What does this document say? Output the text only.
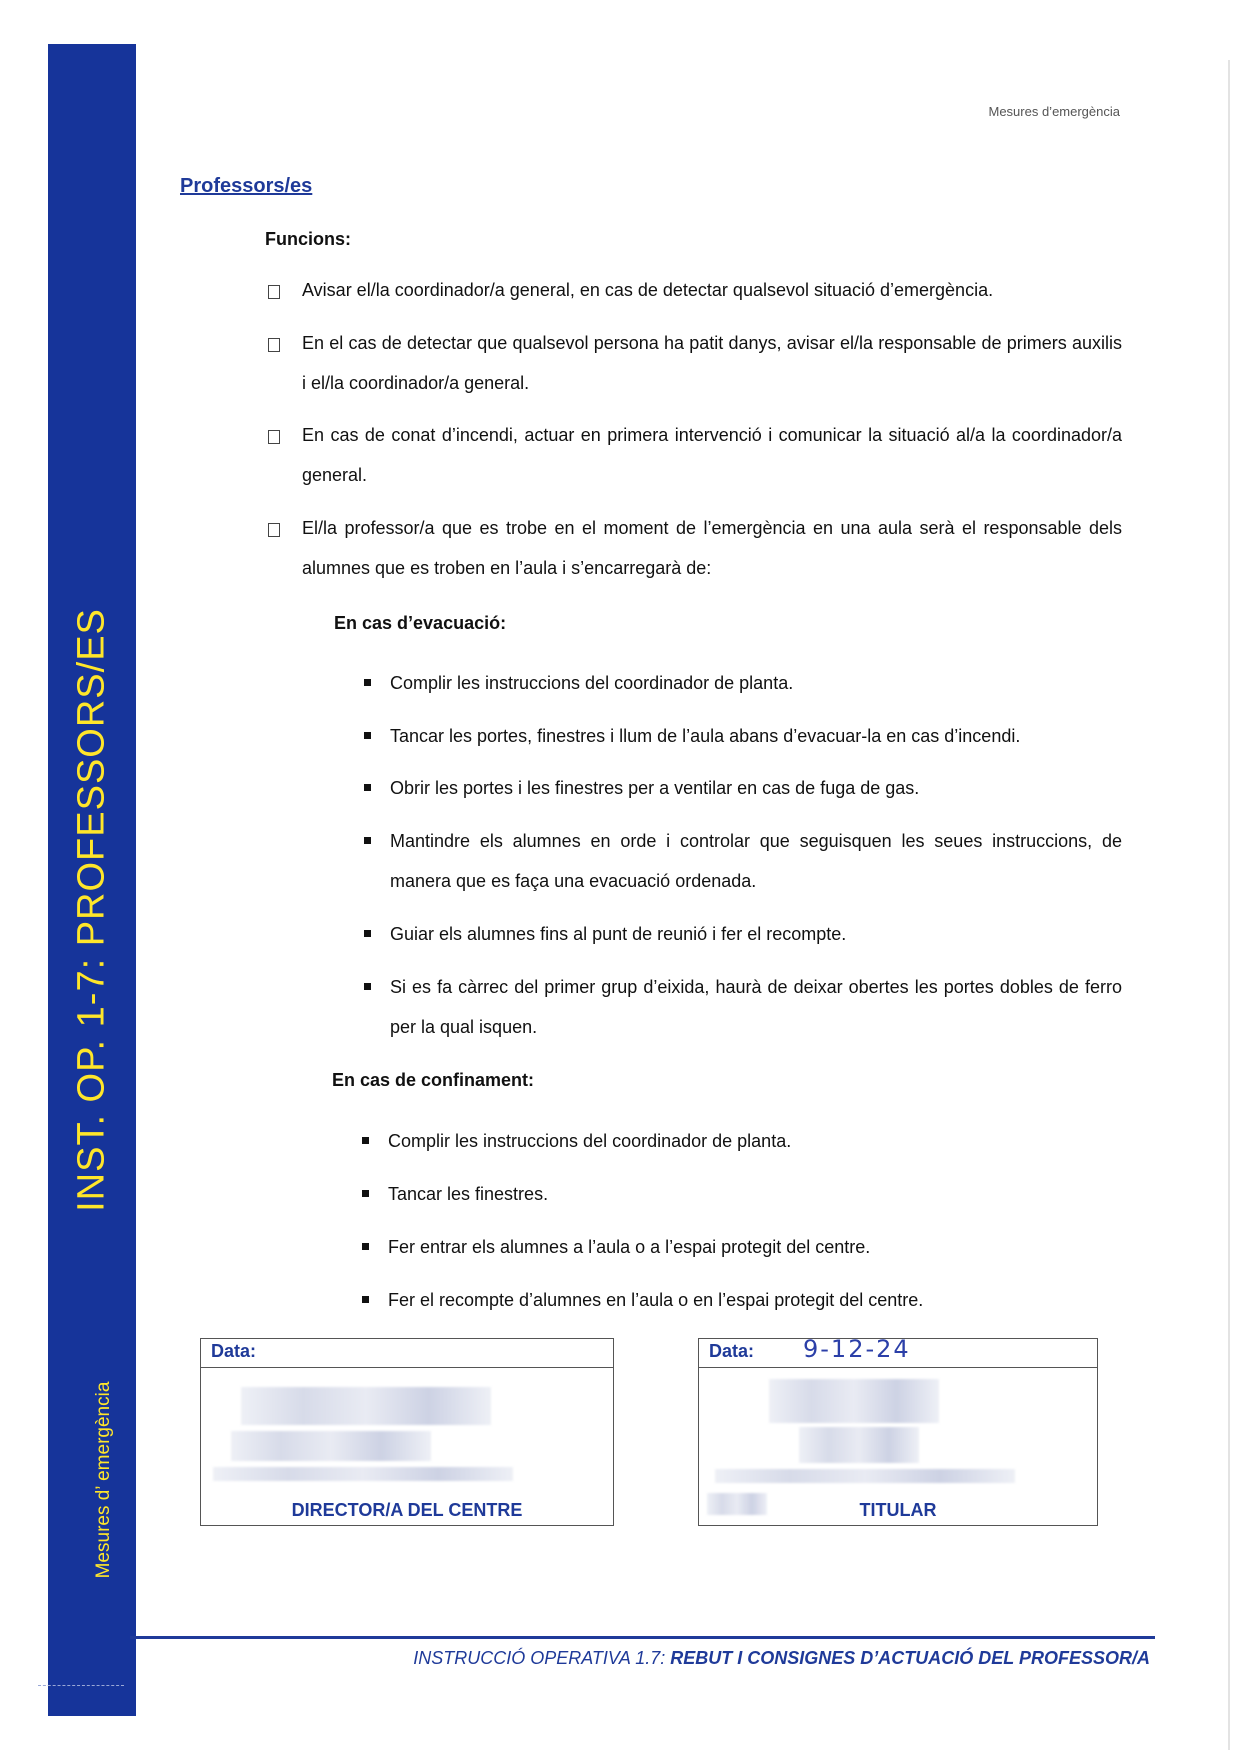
INST. OP. 1-7: PROFESSORS/ES
Mesures d’ emergència
Mesures d’emergència
Professors/es
Funcions:
Avisar el/la coordinador/a general, en cas de detectar qualsevol situació d’emergència.
En el cas de detectar que qualsevol persona ha patit danys, avisar el/la responsable de primers auxilis i el/la coordinador/a general.
En cas de conat d’incendi, actuar en primera intervenció i comunicar la situació al/a la coordinador/a general.
El/la professor/a que es trobe en el moment de l’emergència en una aula serà el responsable dels alumnes que es troben en l’aula i s’encarregarà de:
En cas d’evacuació:
Complir les instruccions del coordinador de planta.
Tancar les portes, finestres i llum de l’aula abans d’evacuar-la en cas d’incendi.
Obrir les portes i les finestres per a ventilar en cas de fuga de gas.
Mantindre els alumnes en orde i controlar que seguisquen les seues instruccions, de manera que es faça una evacuació ordenada.
Guiar els alumnes fins al punt de reunió i fer el recompte.
Si es fa càrrec del primer grup d’eixida, haurà de deixar obertes les portes dobles de ferro per la qual isquen.
En cas de confinament:
Complir les instruccions del coordinador de planta.
Tancar les finestres.
Fer entrar els alumnes a l’aula o a l’espai protegit del centre.
Fer el recompte d’alumnes en l’aula o en l’espai protegit del centre.
Data:
DIRECTOR/A DEL CENTRE
Data: 9-12-24
TITULAR
INSTRUCCIÓ OPERATIVA 1.7: REBUT I CONSIGNES D’ACTUACIÓ DEL PROFESSOR/A
